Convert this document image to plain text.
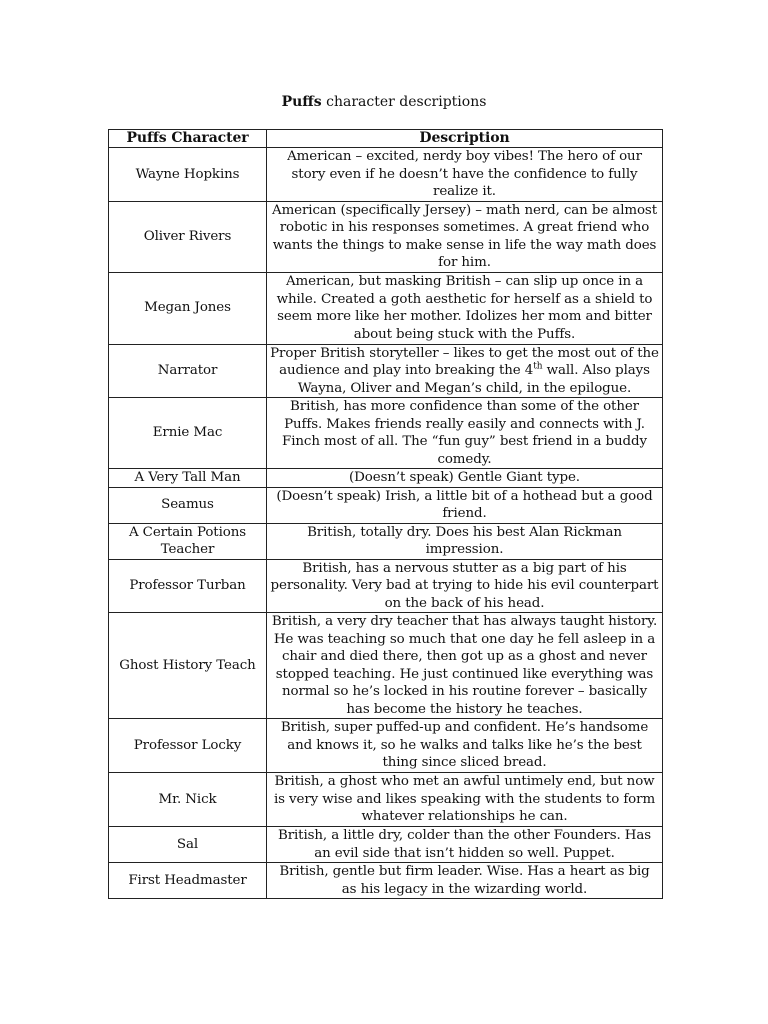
Puffs character descriptions
Puffs Character	Description
Wayne Hopkins	American – excited, nerdy boy vibes! The hero of our story even if he doesn’t have the confidence to fully realize it.
Oliver Rivers	American (specifically Jersey) – math nerd, can be almost robotic in his responses sometimes. A great friend who wants the things to make sense in life the way math does for him.
Megan Jones	American, but masking British – can slip up once in a while. Created a goth aesthetic for herself as a shield to seem more like her mother. Idolizes her mom and bitter about being stuck with the Puffs.
Narrator	Proper British storyteller – likes to get the most out of the audience and play into breaking the 4th wall. Also plays Wayna, Oliver and Megan’s child, in the epilogue.
Ernie Mac	British, has more confidence than some of the other Puffs. Makes friends really easily and connects with J. Finch most of all. The “fun guy” best friend in a buddy comedy.
A Very Tall Man	(Doesn’t speak) Gentle Giant type.
Seamus	(Doesn’t speak) Irish, a little bit of a hothead but a good friend.
A Certain Potions Teacher	British, totally dry. Does his best Alan Rickman impression.
Professor Turban	British, has a nervous stutter as a big part of his personality. Very bad at trying to hide his evil counterpart on the back of his head.
Ghost History Teach	British, a very dry teacher that has always taught history. He was teaching so much that one day he fell asleep in a chair and died there, then got up as a ghost and never stopped teaching. He just continued like everything was normal so he’s locked in his routine forever – basically has become the history he teaches.
Professor Locky	British, super puffed-up and confident. He’s handsome and knows it, so he walks and talks like he’s the best thing since sliced bread.
Mr. Nick	British, a ghost who met an awful untimely end, but now is very wise and likes speaking with the students to form whatever relationships he can.
Sal	British, a little dry, colder than the other Founders. Has an evil side that isn’t hidden so well. Puppet.
First Headmaster	British, gentle but firm leader. Wise. Has a heart as big as his legacy in the wizarding world.
